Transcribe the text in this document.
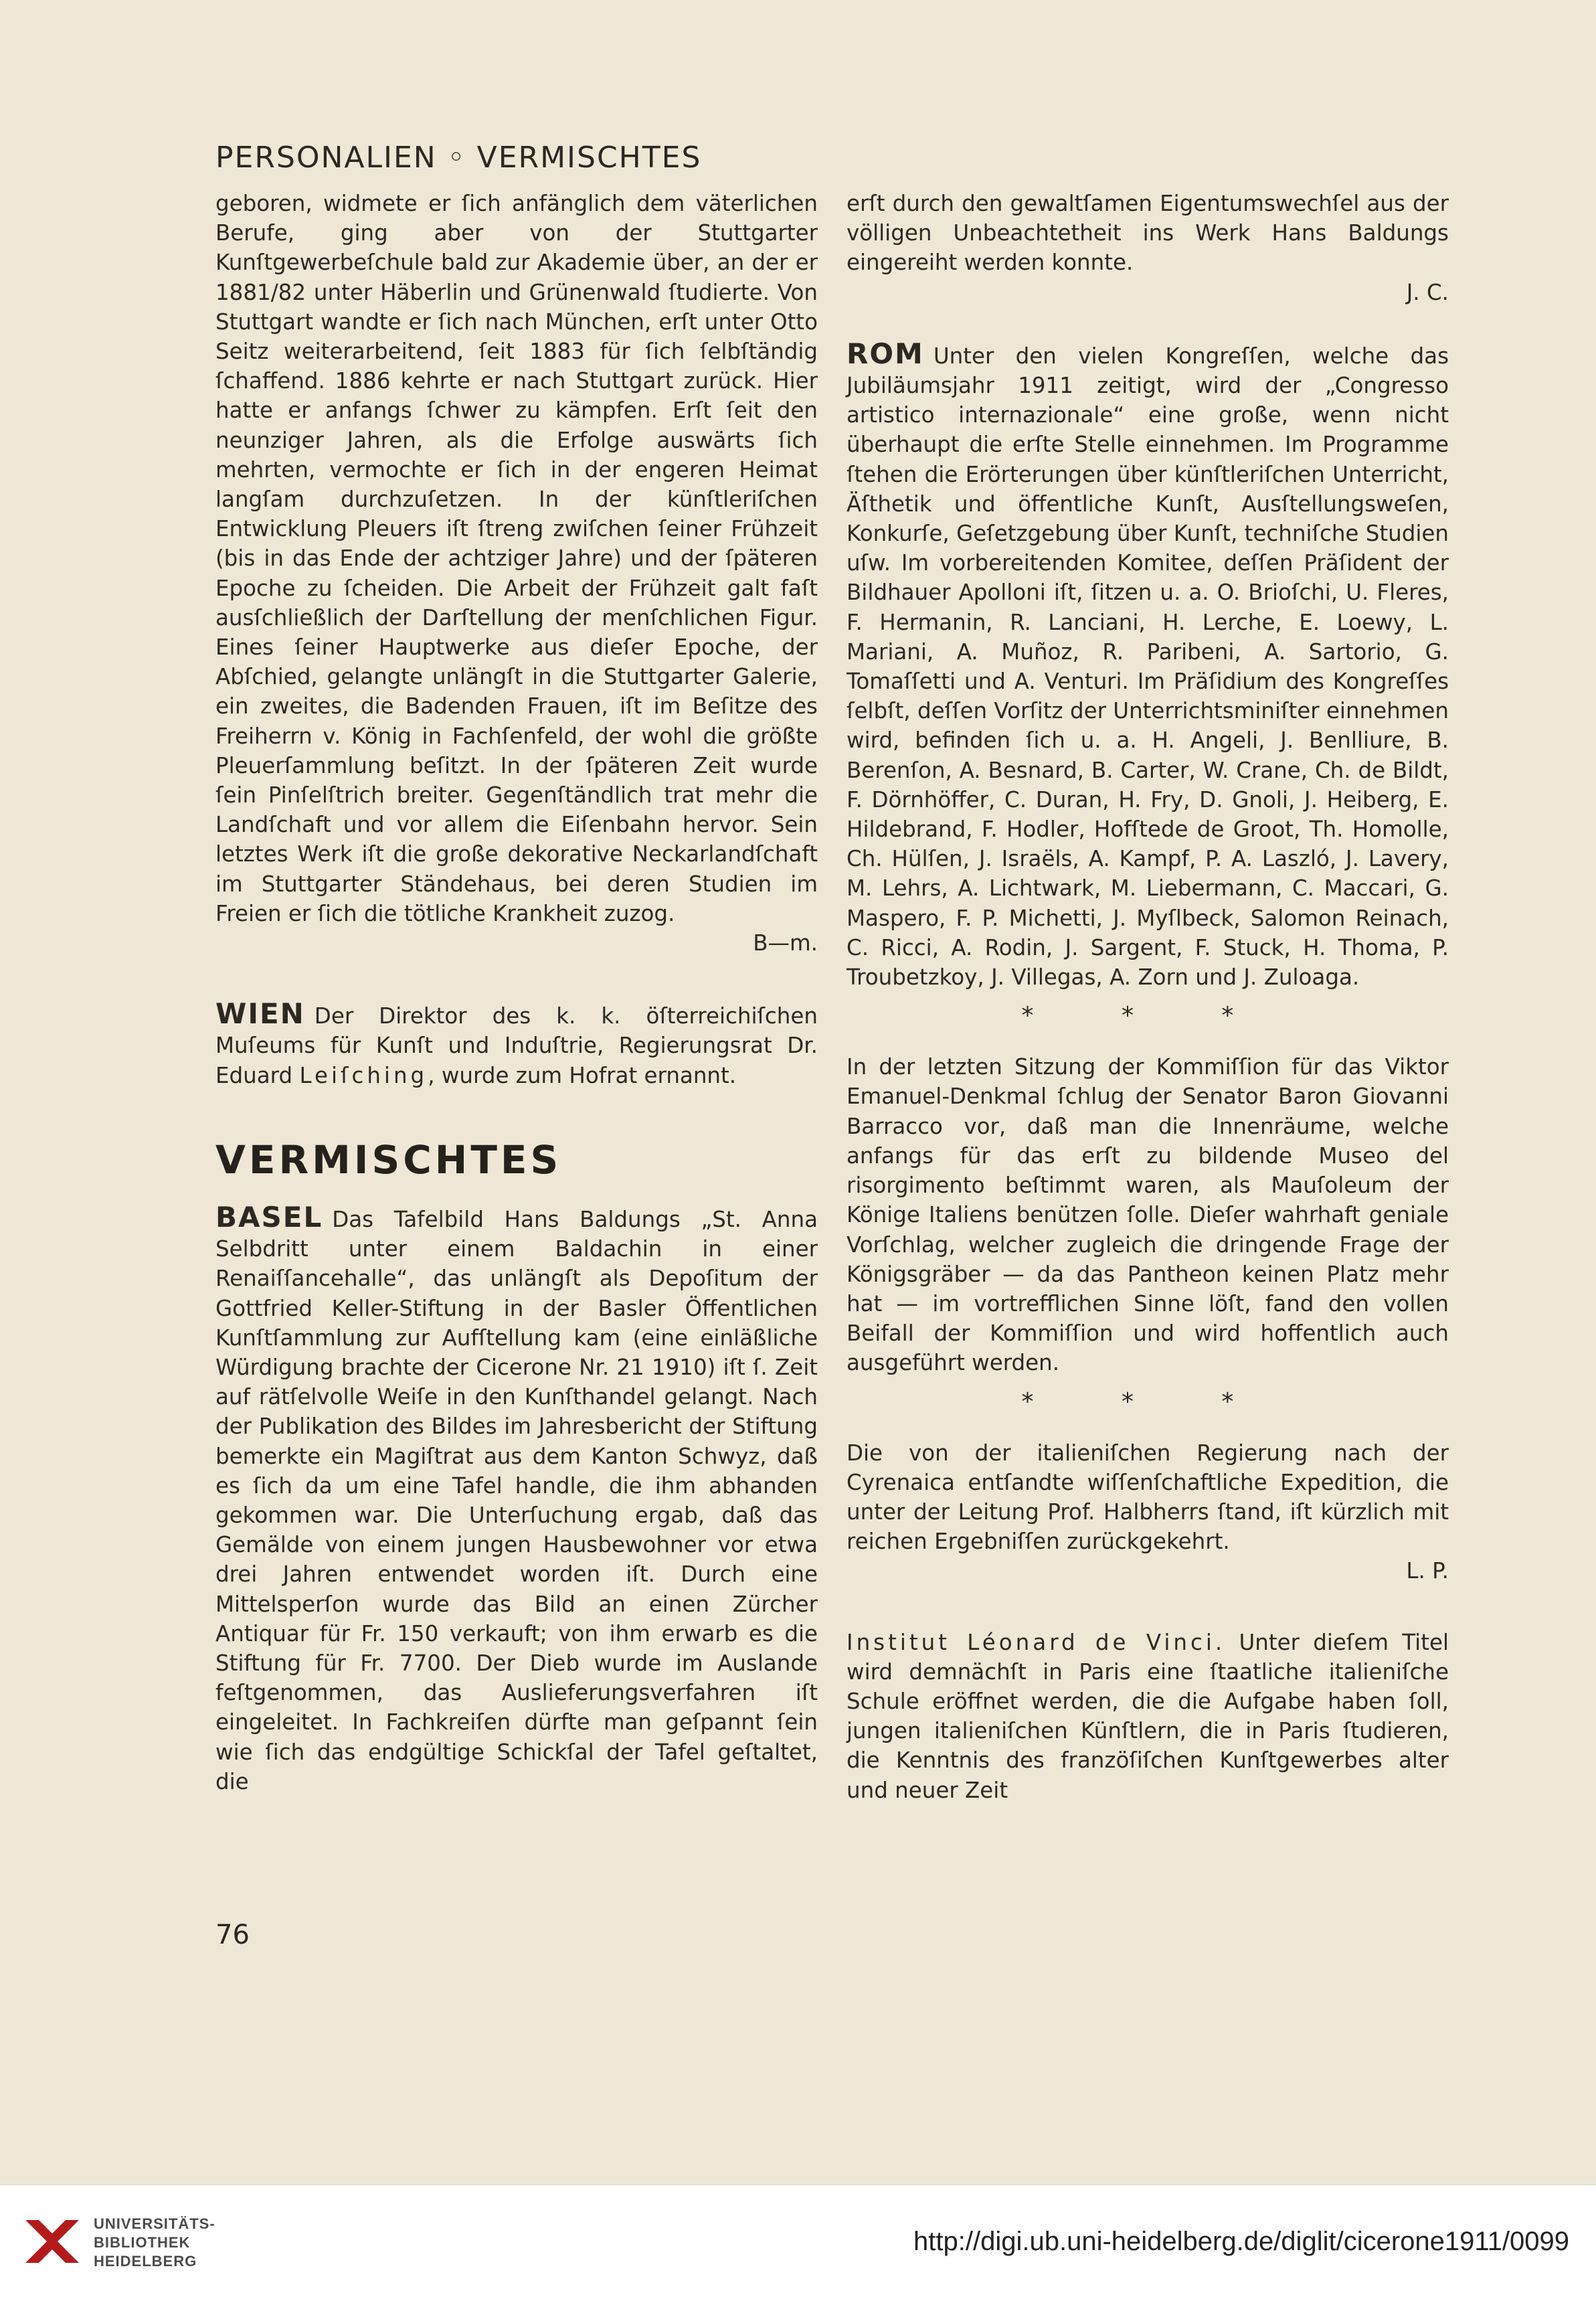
PERSONALIEN ◦ VERMISCHTES

geboren, widmete er ſich anfänglich dem väterlichen Berufe, ging aber von der Stuttgarter Kunſtgewerbeſchule bald zur Akademie über, an der er 1881/82 unter Häberlin und Grünenwald ſtudierte. Von Stuttgart wandte er ſich nach München, erſt unter Otto Seitz weiterarbeitend, ſeit 1883 für ſich ſelbſtändig ſchaffend. 1886 kehrte er nach Stuttgart zurück. Hier hatte er anfangs ſchwer zu kämpfen. Erſt ſeit den neunziger Jahren, als die Erfolge auswärts ſich mehrten, vermochte er ſich in der engeren Heimat langſam durchzuſetzen. In der künſtleriſchen Entwicklung Pleuers iſt ſtreng zwiſchen ſeiner Frühzeit (bis in das Ende der achtziger Jahre) und der ſpäteren Epoche zu ſcheiden. Die Arbeit der Frühzeit galt faſt ausſchließlich der Darſtellung der menſchlichen Figur. Eines ſeiner Hauptwerke aus dieſer Epoche, der Abſchied, gelangte unlängſt in die Stuttgarter Galerie, ein zweites, die Badenden Frauen, iſt im Beſitze des Freiherrn v. König in Fachſenfeld, der wohl die größte Pleuerſammlung beſitzt. In der ſpäteren Zeit wurde ſein Pinſelſtrich breiter. Gegenſtändlich trat mehr die Landſchaft und vor allem die Eiſenbahn hervor. Sein letztes Werk iſt die große dekorative Neckarlandſchaft im Stuttgarter Ständehaus, bei deren Studien im Freien er ſich die tötliche Krankheit zuzog.
B—m.

WIEN Der Direktor des k. k. öſterreichiſchen Muſeums für Kunſt und Induſtrie, Regierungsrat Dr. Eduard Leiſching, wurde zum Hofrat ernannt.

VERMISCHTES

BASEL Das Tafelbild Hans Baldungs „St. Anna Selbdritt unter einem Baldachin in einer Renaiſſancehalle“, das unlängſt als Depoſitum der Gottfried Keller-Stiftung in der Basler Öffentlichen Kunſtſammlung zur Aufſtellung kam (eine einläßliche Würdigung brachte der Cicerone Nr. 21 1910) iſt ſ. Zeit auf rätſelvolle Weiſe in den Kunſthandel gelangt. Nach der Publikation des Bildes im Jahresbericht der Stiftung bemerkte ein Magiſtrat aus dem Kanton Schwyz, daß es ſich da um eine Tafel handle, die ihm abhanden gekommen war. Die Unterſuchung ergab, daß das Gemälde von einem jungen Hausbewohner vor etwa drei Jahren entwendet worden iſt. Durch eine Mittelsperſon wurde das Bild an einen Zürcher Antiquar für Fr. 150 verkauft; von ihm erwarb es die Stiftung für Fr. 7700. Der Dieb wurde im Auslande feſtgenommen, das Auslieferungsverfahren iſt eingeleitet. In Fachkreiſen dürfte man geſpannt ſein wie ſich das endgültige Schickſal der Tafel geſtaltet, die

erſt durch den gewaltſamen Eigentumswechſel aus der völligen Unbeachtetheit ins Werk Hans Baldungs eingereiht werden konnte.
J. C.

ROM Unter den vielen Kongreſſen, welche das Jubiläumsjahr 1911 zeitigt, wird der „Congresso artistico internazionale“ eine große, wenn nicht überhaupt die erſte Stelle einnehmen. Im Programme ſtehen die Erörterungen über künſtleriſchen Unterricht, Äſthetik und öffentliche Kunſt, Ausſtellungsweſen, Konkurſe, Geſetzgebung über Kunſt, techniſche Studien uſw. Im vorbereitenden Komitee, deſſen Präſident der Bildhauer Apolloni iſt, ſitzen u. a. O. Brioſchi, U. Fleres, F. Hermanin, R. Lanciani, H. Lerche, E. Loewy, L. Mariani, A. Muñoz, R. Paribeni, A. Sartorio, G. Tomaſſetti und A. Venturi. Im Präſidium des Kongreſſes ſelbſt, deſſen Vorſitz der Unterrichtsminiſter einnehmen wird, befinden ſich u. a. H. Angeli, J. Benlliure, B. Berenſon, A. Besnard, B. Carter, W. Crane, Ch. de Bildt, F. Dörnhöffer, C. Duran, H. Fry, D. Gnoli, J. Heiberg, E. Hildebrand, F. Hodler, Hofſtede de Groot, Th. Homolle, Ch. Hülſen, J. Israëls, A. Kampf, P. A. Laszló, J. Lavery, M. Lehrs, A. Lichtwark, M. Liebermann, C. Maccari, G. Maspero, F. P. Michetti, J. Myſlbeck, Salomon Reinach, C. Ricci, A. Rodin, J. Sargent, F. Stuck, H. Thoma, P. Troubetzkoy, J. Villegas, A. Zorn und J. Zuloaga.

* * *

In der letzten Sitzung der Kommiſſion für das Viktor Emanuel-Denkmal ſchlug der Senator Baron Giovanni Barracco vor, daß man die Innenräume, welche anfangs für das erſt zu bildende Museo del risorgimento beſtimmt waren, als Mauſoleum der Könige Italiens benützen ſolle. Dieſer wahrhaft geniale Vorſchlag, welcher zugleich die dringende Frage der Königsgräber — da das Pantheon keinen Platz mehr hat — im vortrefflichen Sinne löſt, fand den vollen Beifall der Kommiſſion und wird hoffentlich auch ausgeführt werden.

* * *

Die von der italieniſchen Regierung nach der Cyrenaica entſandte wiſſenſchaftliche Expedition, die unter der Leitung Prof. Halbherrs ſtand, iſt kürzlich mit reichen Ergebniſſen zurückgekehrt.
L. P.

Institut Léonard de Vinci. Unter dieſem Titel wird demnächſt in Paris eine ſtaatliche italieniſche Schule eröffnet werden, die die Aufgabe haben ſoll, jungen italieniſchen Künſtlern, die in Paris ſtudieren, die Kenntnis des franzöſiſchen Kunſtgewerbes alter und neuer Zeit

76
UNIVERSITÄTS-
BIBLIOTHEK
HEIDELBERG
http://digi.ub.uni-heidelberg.de/diglit/cicerone1911/0099
